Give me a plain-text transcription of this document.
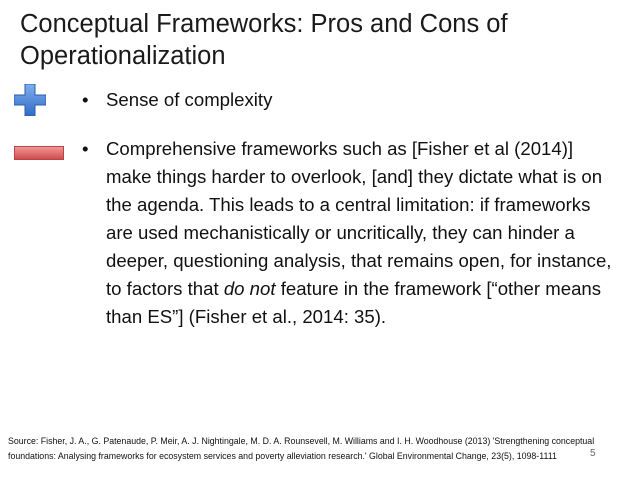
Conceptual Frameworks: Pros and Cons of
Operationalization
• Sense of complexity
• Comprehensive frameworks such as [Fisher et al (2014)] make things harder to overlook, [and] they dictate what is on the agenda. This leads to a central limitation: if frameworks are used mechanistically or uncritically, they can hinder a deeper, questioning analysis, that remains open, for instance, to factors that do not feature in the framework [“other means than ES”] (Fisher et al., 2014: 35).
Source: Fisher, J. A., G. Patenaude, P. Meir, A. J. Nightingale, M. D. A. Rounsevell, M. Williams and I. H. Woodhouse (2013) 'Strengthening conceptual
foundations: Analysing frameworks for ecosystem services and poverty alleviation research.' Global Environmental Change, 23(5), 1098-1111	5
